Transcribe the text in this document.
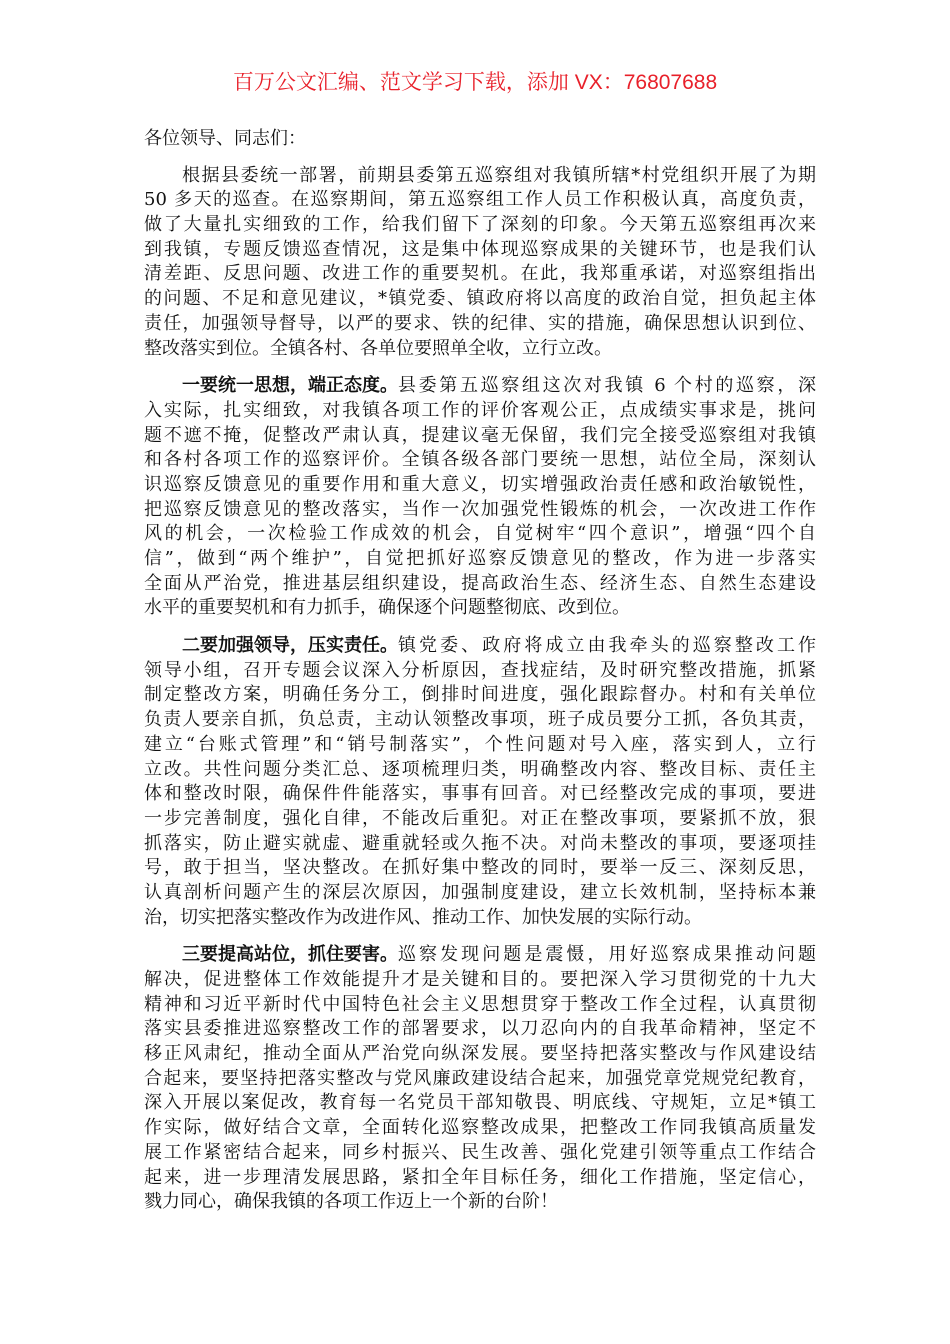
百万公文汇编、范文学习下载，添加 VX：76807688
各位领导、同志们：
根据县委统一部署，前期县委第五巡察组对我镇所辖*村党组织开展了为期
50 多天的巡查。在巡察期间，第五巡察组工作人员工作积极认真，高度负责，
做了大量扎实细致的工作，给我们留下了深刻的印象。今天第五巡察组再次来
到我镇，专题反馈巡查情况，这是集中体现巡察成果的关键环节，也是我们认
清差距、反思问题、改进工作的重要契机。在此，我郑重承诺，对巡察组指出
的问题、不足和意见建议，*镇党委、镇政府将以高度的政治自觉，担负起主体
责任，加强领导督导，以严的要求、铁的纪律、实的措施，确保思想认识到位、
整改落实到位。全镇各村、各单位要照单全收，立行立改。
一要统一思想，端正态度。 县委第五巡察组这次对我镇 6 个村的巡察，深
入实际，扎实细致，对我镇各项工作的评价客观公正，点成绩实事求是，挑问
题不遮不掩，促整改严肃认真，提建议毫无保留，我们完全接受巡察组对我镇
和各村各项工作的巡察评价。全镇各级各部门要统一思想，站位全局，深刻认
识巡察反馈意见的重要作用和重大意义，切实增强政治责任感和政治敏锐性，
把巡察反馈意见的整改落实，当作一次加强党性锻炼的机会，一次改进工作作
风的机会，一次检验工作成效的机会，自觉树牢“四个意识”，增强“四个自
信”，做到“两个维护”，自觉把抓好巡察反馈意见的整改，作为进一步落实
全面从严治党，推进基层组织建设，提高政治生态、经济生态、自然生态建设
水平的重要契机和有力抓手，确保逐个问题整彻底、改到位。
二要加强领导，压实责任。 镇党委、政府将成立由我牵头的巡察整改工作
领导小组，召开专题会议深入分析原因，查找症结，及时研究整改措施，抓紧
制定整改方案，明确任务分工，倒排时间进度，强化跟踪督办。村和有关单位
负责人要亲自抓，负总责，主动认领整改事项，班子成员要分工抓，各负其责，
建立“台账式管理”和“销号制落实”，个性问题对号入座，落实到人，立行
立改。共性问题分类汇总、逐项梳理归类，明确整改内容、整改目标、责任主
体和整改时限，确保件件能落实，事事有回音。对已经整改完成的事项，要进
一步完善制度，强化自律，不能改后重犯。对正在整改事项，要紧抓不放，狠
抓落实，防止避实就虚、避重就轻或久拖不决。对尚未整改的事项，要逐项挂
号，敢于担当，坚决整改。在抓好集中整改的同时，要举一反三、深刻反思，
认真剖析问题产生的深层次原因，加强制度建设，建立长效机制，坚持标本兼
治，切实把落实整改作为改进作风、推动工作、加快发展的实际行动。
三要提高站位，抓住要害。 巡察发现问题是震慑，用好巡察成果推动问题
解决，促进整体工作效能提升才是关键和目的。要把深入学习贯彻党的十九大
精神和习近平新时代中国特色社会主义思想贯穿于整改工作全过程，认真贯彻
落实县委推进巡察整改工作的部署要求，以刀忍向内的自我革命精神，坚定不
移正风肃纪，推动全面从严治党向纵深发展。要坚持把落实整改与作风建设结
合起来，要坚持把落实整改与党风廉政建设结合起来，加强党章党规党纪教育，
深入开展以案促改，教育每一名党员干部知敬畏、明底线、守规矩，立足*镇工
作实际，做好结合文章，全面转化巡察整改成果，把整改工作同我镇高质量发
展工作紧密结合起来，同乡村振兴、民生改善、强化党建引领等重点工作结合
起来，进一步理清发展思路，紧扣全年目标任务，细化工作措施，坚定信心，
戮力同心，确保我镇的各项工作迈上一个新的台阶！
